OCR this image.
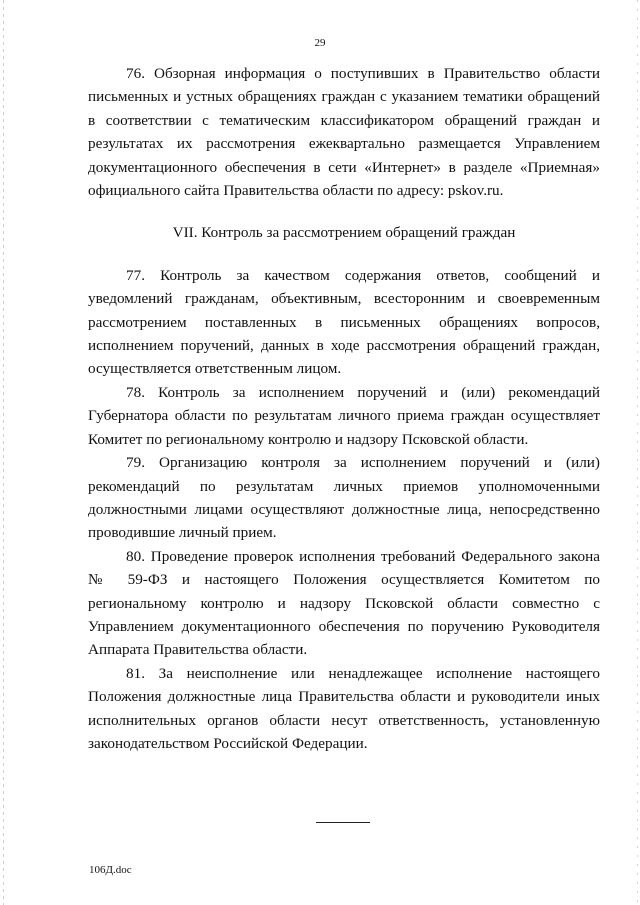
29

76. Обзорная информация о поступивших в Правительство области письменных и устных обращениях граждан с указанием тематики обращений в соответствии с тематическим классификатором обращений граждан и результатах их рассмотрения ежеквартально размещается Управлением документационного обеспечения в сети «Интернет» в разделе «Приемная» официального сайта Правительства области по адресу: pskov.ru.

VII. Контроль за рассмотрением обращений граждан

77. Контроль за качеством содержания ответов, сообщений и уведомлений гражданам, объективным, всесторонним и своевременным рассмотрением поставленных в письменных обращениях вопросов, исполнением поручений, данных в ходе рассмотрения обращений граждан, осуществляется ответственным лицом.

78. Контроль за исполнением поручений и (или) рекомендаций Губернатора области по результатам личного приема граждан осуществляет Комитет по региональному контролю и надзору Псковской области.

79. Организацию контроля за исполнением поручений и (или) рекомендаций по результатам личных приемов уполномоченными должностными лицами осуществляют должностные лица, непосредственно проводившие личный прием.

80. Проведение проверок исполнения требований Федерального закона № 59-ФЗ и настоящего Положения осуществляется Комитетом по региональному контролю и надзору Псковской области совместно с Управлением документационного обеспечения по поручению Руководителя Аппарата Правительства области.

81. За неисполнение или ненадлежащее исполнение настоящего Положения должностные лица Правительства области и руководители иных исполнительных органов области несут ответственность, установленную законодательством Российской Федерации.

106Д.doc
